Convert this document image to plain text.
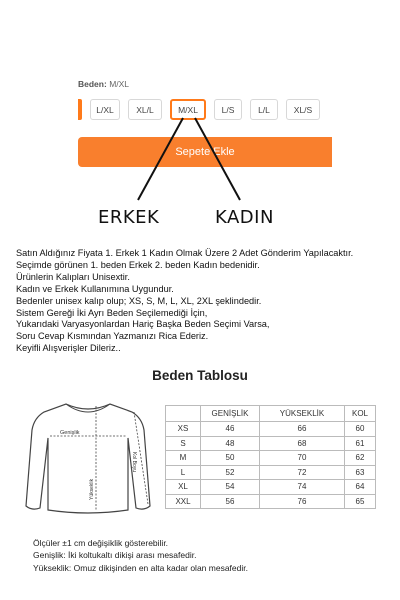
Beden: M/XL
L/XL	XL/L	M/XL	L/S	L/L	XL/S
Sepete Ekle
ERKEK	KADIN
Satın Aldığınız Fiyata 1. Erkek 1 Kadın Olmak Üzere 2 Adet Gönderim Yapılacaktır.
Seçimde görünen 1. beden Erkek 2. beden Kadın bedenidir.
Ürünlerin Kalıpları Unisextir.
Kadın ve Erkek Kullanımına Uygundur.
Bedenler unisex kalıp olup; XS, S, M, L, XL, 2XL şeklindedir.
Sistem Gereği İki Ayrı Beden Seçilemediği İçin,
Yukarıdaki Varyasyonlardan Hariç Başka Beden Seçimi Varsa,
Soru Cevap Kısmından Yazmanızı Rica Ederiz.
Keyifli Alışverişler Dileriz..
Beden Tablosu
Genişlik
Yükseklik
Kol Boyu
	GENİŞLİK	YÜKSEKLİK	KOL
XS	46	66	60
S	48	68	61
M	50	70	62
L	52	72	63
XL	54	74	64
XXL	56	76	65
Ölçüler ±1 cm değişiklik gösterebilir.
Genişlik: İki koltukaltı dikişi arası mesafedir.
Yükseklik: Omuz dikişinden en alta kadar olan mesafedir.
